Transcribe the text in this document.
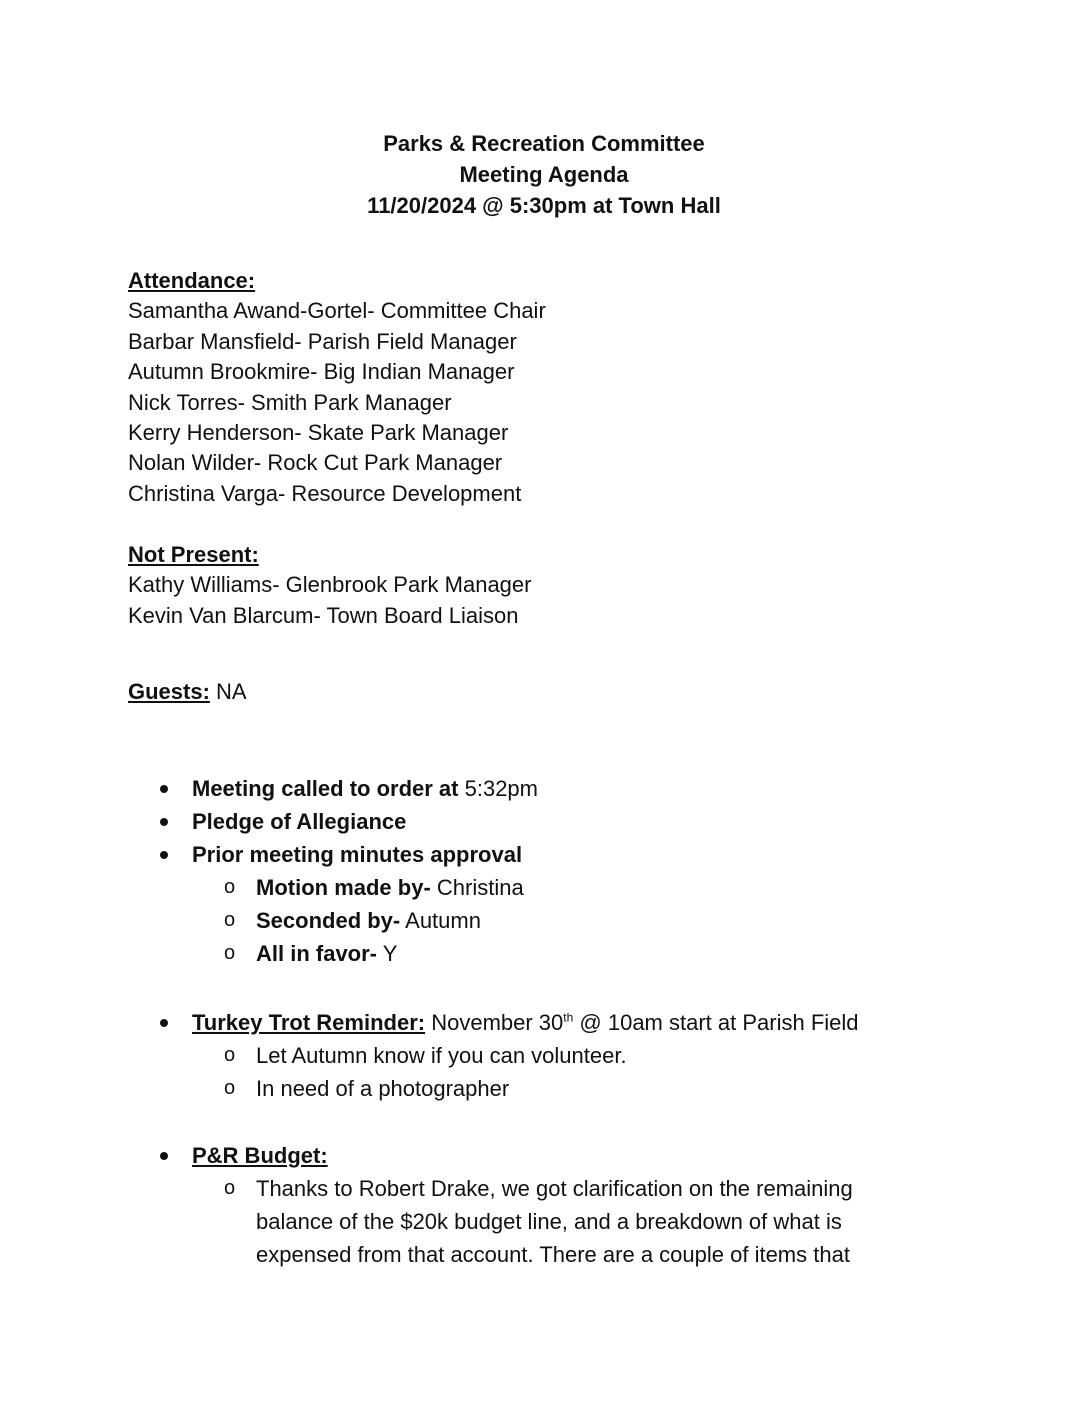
Parks & Recreation Committee
Meeting Agenda
11/20/2024 @ 5:30pm at Town Hall
Attendance:
Samantha Awand-Gortel- Committee Chair
Barbar Mansfield- Parish Field Manager
Autumn Brookmire- Big Indian Manager
Nick Torres- Smith Park Manager
Kerry Henderson- Skate Park Manager
Nolan Wilder- Rock Cut Park Manager
Christina Varga- Resource Development
Not Present:
Kathy Williams- Glenbrook Park Manager
Kevin Van Blarcum- Town Board Liaison
Guests: NA
Meeting called to order at 5:32pm
Pledge of Allegiance
Prior meeting minutes approval
o Motion made by- Christina
o Seconded by- Autumn
o All in favor- Y
Turkey Trot Reminder: November 30th @ 10am start at Parish Field
o Let Autumn know if you can volunteer.
o In need of a photographer
P&R Budget:
o Thanks to Robert Drake, we got clarification on the remaining balance of the $20k budget line, and a breakdown of what is expensed from that account. There are a couple of items that
